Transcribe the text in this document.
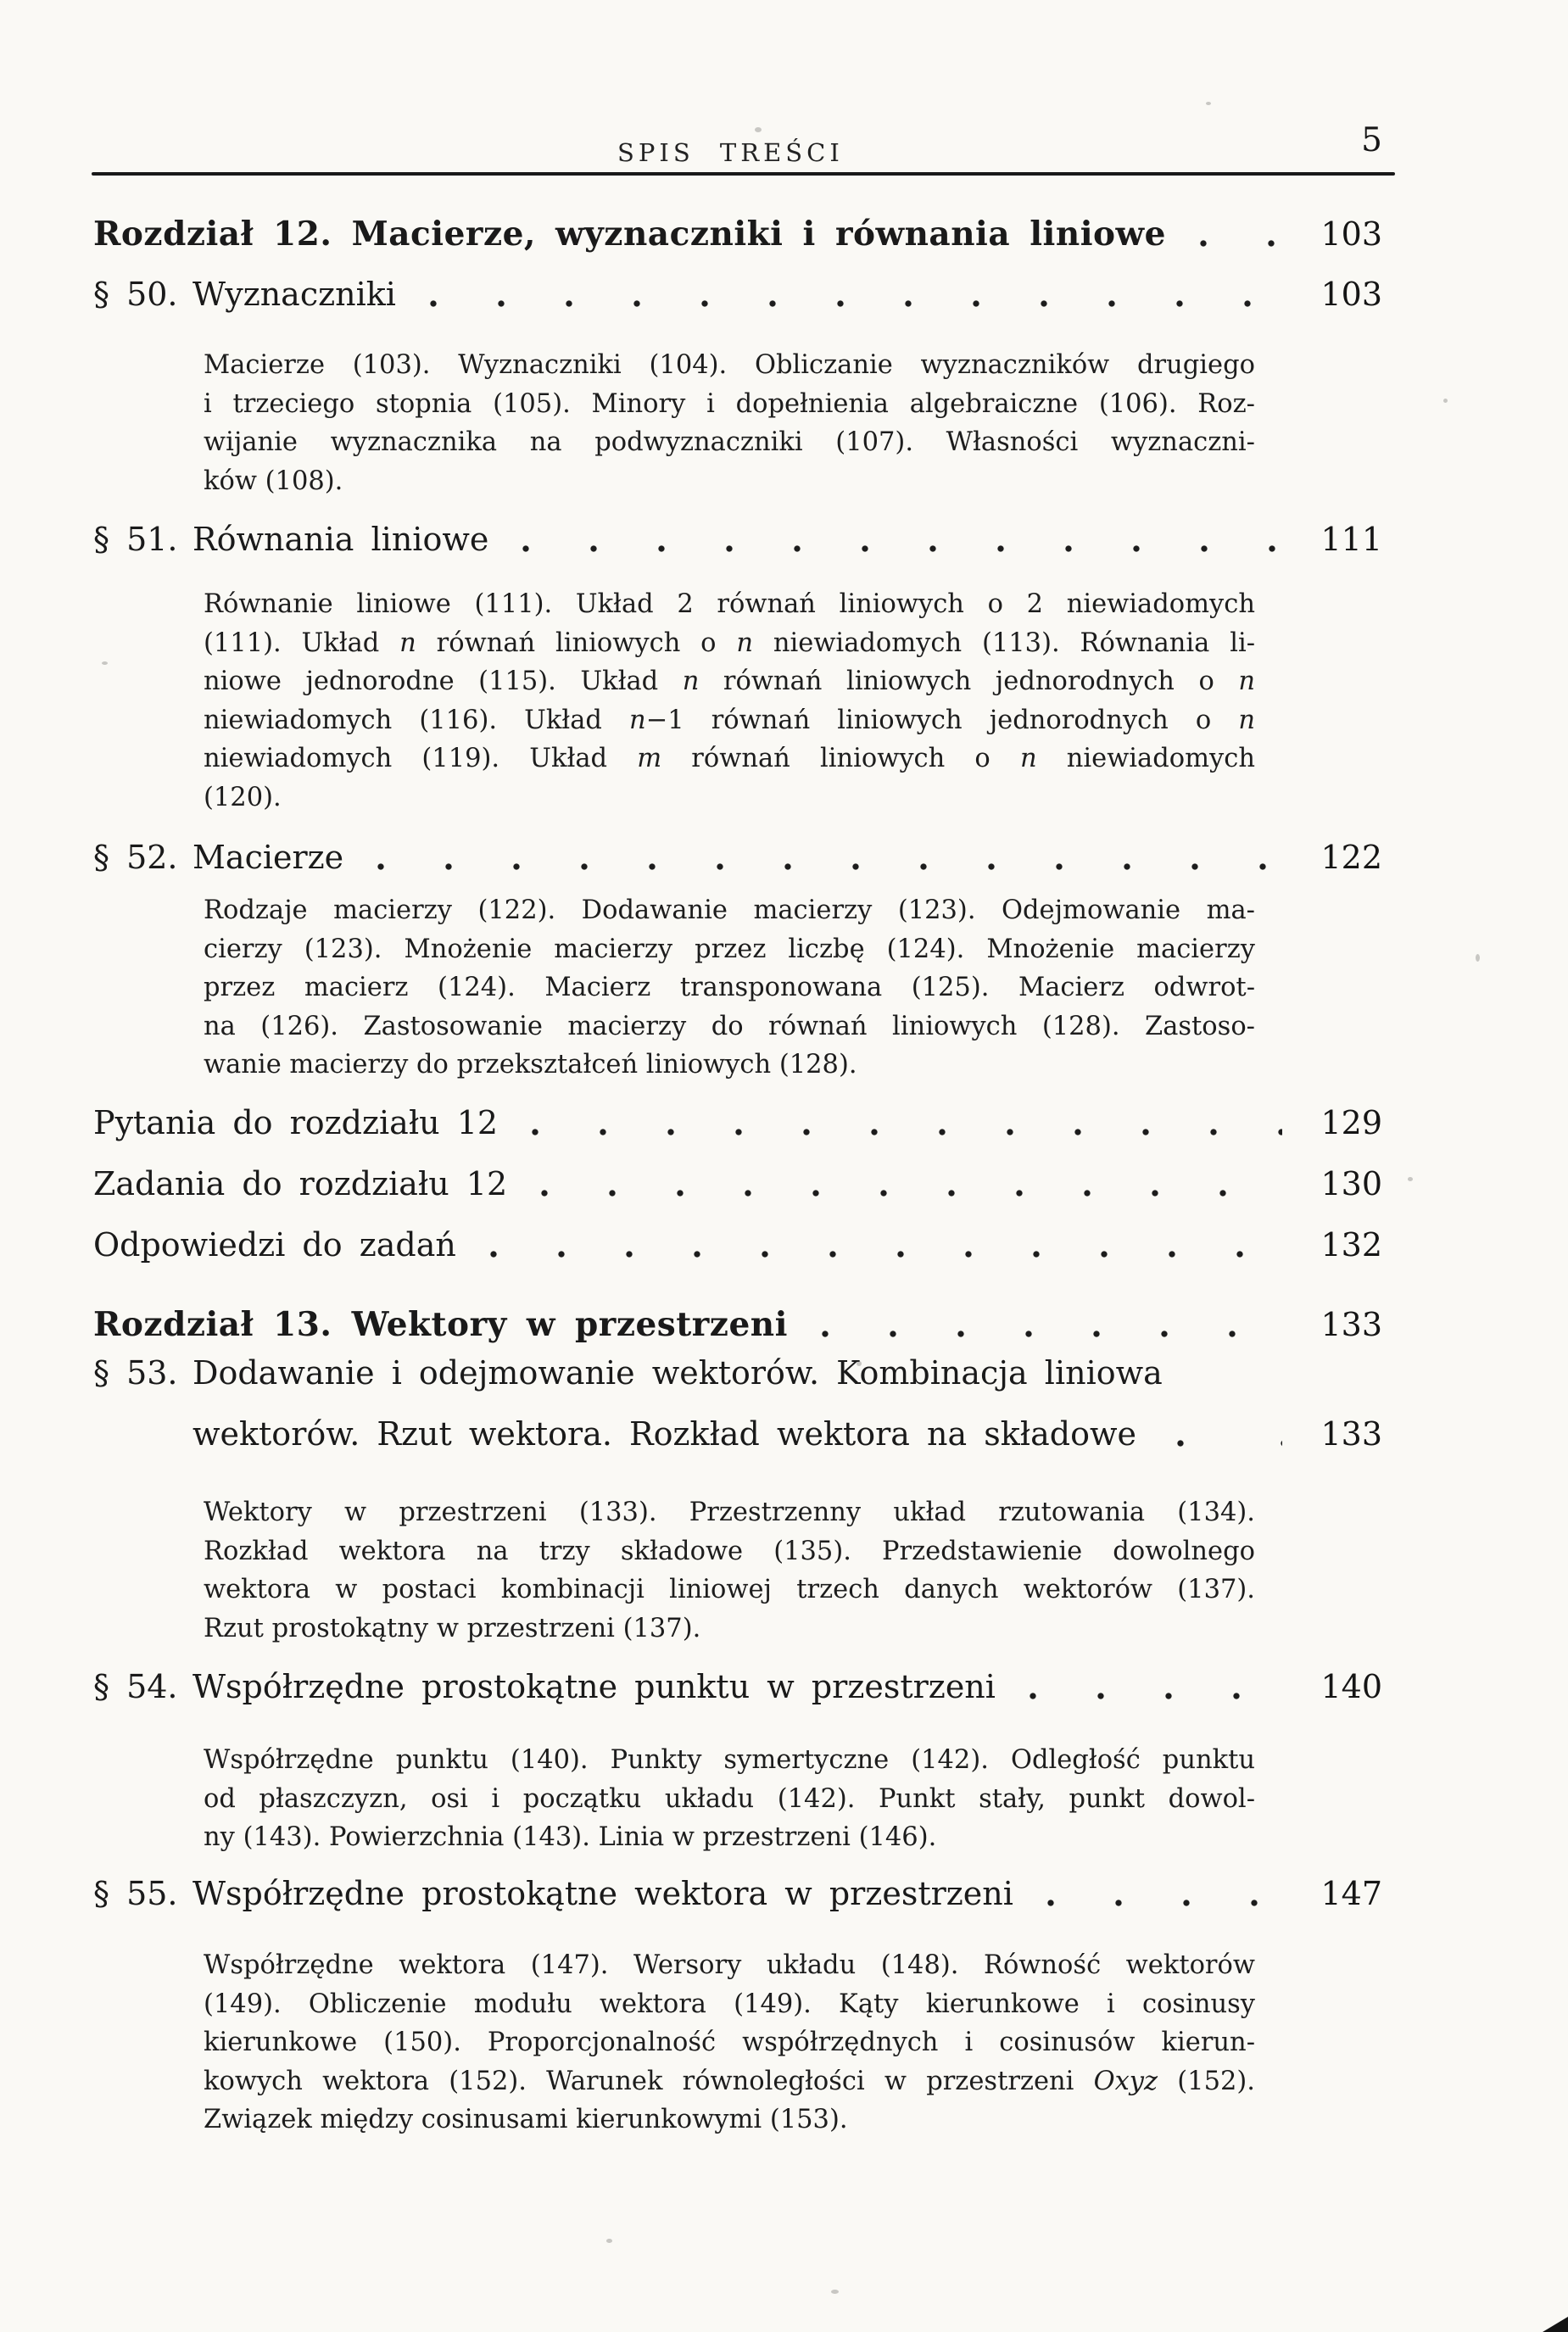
SPIS TREŚCI	5
Rozdział 12. Macierze, wyznaczniki i równania liniowe	103
§ 50. Wyznaczniki	103
Macierze (103). Wyznaczniki (104). Obliczanie wyznaczników drugiego
i trzeciego stopnia (105). Minory i dopełnienia algebraiczne (106). Roz-
wijanie wyznacznika na podwyznaczniki (107). Własności wyznaczni-
ków (108).
§ 51. Równania liniowe	111
Równanie liniowe (111). Układ 2 równań liniowych o 2 niewiadomych
(111). Układ n równań liniowych o n niewiadomych (113). Równania li-
niowe jednorodne (115). Układ n równań liniowych jednorodnych o n
niewiadomych (116). Układ n−1 równań liniowych jednorodnych o n
niewiadomych (119). Układ m równań liniowych o n niewiadomych
(120).
§ 52. Macierze	122
Rodzaje macierzy (122). Dodawanie macierzy (123). Odejmowanie ma-
cierzy (123). Mnożenie macierzy przez liczbę (124). Mnożenie macierzy
przez macierz (124). Macierz transponowana (125). Macierz odwrot-
na (126). Zastosowanie macierzy do równań liniowych (128). Zastoso-
wanie macierzy do przekształceń liniowych (128).
Pytania do rozdziału 12	129
Zadania do rozdziału 12	130
Odpowiedzi do zadań	132
Rozdział 13. Wektory w przestrzeni	133
§ 53. Dodawanie i odejmowanie wektorów. Kombinacja liniowa
wektorów. Rzut wektora. Rozkład wektora na składowe	133
Wektory w przestrzeni (133). Przestrzenny układ rzutowania (134).
Rozkład wektora na trzy składowe (135). Przedstawienie dowolnego
wektora w postaci kombinacji liniowej trzech danych wektorów (137).
Rzut prostokątny w przestrzeni (137).
§ 54. Współrzędne prostokątne punktu w przestrzeni	140
Współrzędne punktu (140). Punkty symertyczne (142). Odległość punktu
od płaszczyzn, osi i początku układu (142). Punkt stały, punkt dowol-
ny (143). Powierzchnia (143). Linia w przestrzeni (146).
§ 55. Współrzędne prostokątne wektora w przestrzeni	147
Współrzędne wektora (147). Wersory układu (148). Równość wektorów
(149). Obliczenie modułu wektora (149). Kąty kierunkowe i cosinusy
kierunkowe (150). Proporcjonalność współrzędnych i cosinusów kierun-
kowych wektora (152). Warunek równoległości w przestrzeni Oxyz (152).
Związek między cosinusami kierunkowymi (153).
